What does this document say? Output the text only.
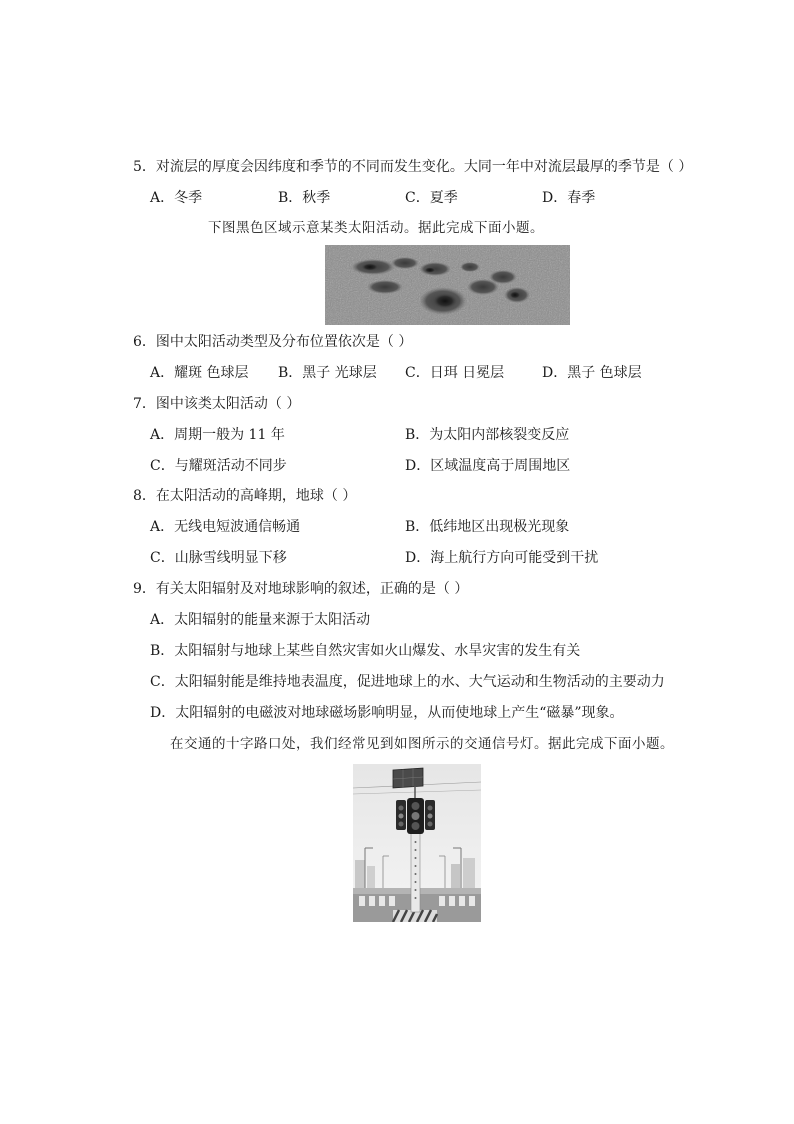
5．对流层的厚度会因纬度和季节的不同而发生变化。大同一年中对流层最厚的季节是（ ）
A．冬季	B．秋季	C．夏季	D．春季
下图黑色区域示意某类太阳活动。据此完成下面小题。
6．图中太阳活动类型及分布位置依次是（ ）
A．耀斑 色球层 B．黑子 光球层 C．日珥 日冕层	D．黑子 色球层
7．图中该类太阳活动（ ）
A．周期一般为 11 年	B．为太阳内部核裂变反应
C．与耀斑活动不同步	D．区域温度高于周围地区
8．在太阳活动的高峰期，地球（ ）
A．无线电短波通信畅通	B．低纬地区出现极光现象
C．山脉雪线明显下移	D．海上航行方向可能受到干扰
9．有关太阳辐射及对地球影响的叙述，正确的是（ ）
A．太阳辐射的能量来源于太阳活动
B．太阳辐射与地球上某些自然灾害如火山爆发、水旱灾害的发生有关
C．太阳辐射能是维持地表温度，促进地球上的水、大气运动和生物活动的主要动力
D．太阳辐射的电磁波对地球磁场影响明显，从而使地球上产生“磁暴”现象。
在交通的十字路口处，我们经常见到如图所示的交通信号灯。据此完成下面小题。
